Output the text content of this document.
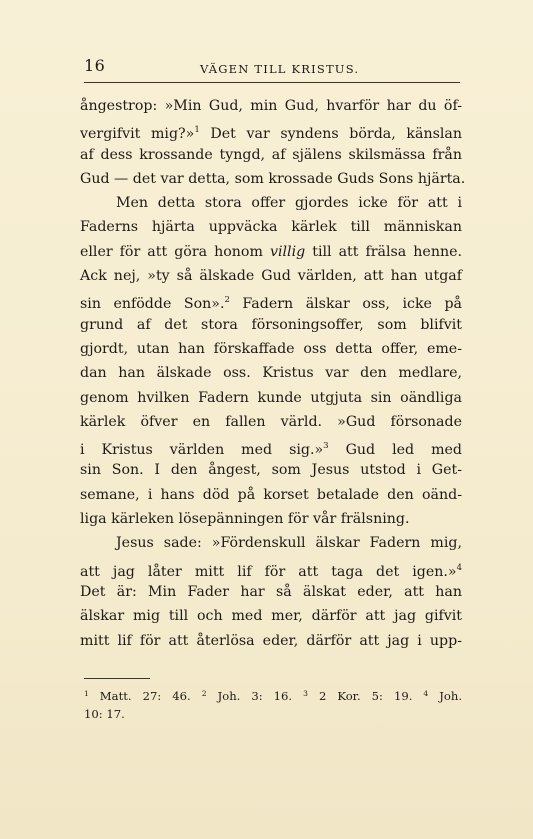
16	VÄGEN TILL KRISTUS.
ångestrop: »Min Gud, min Gud, hvarför har du öf-
vergifvit mig?»$^1$ Det var syndens börda, känslan
af dess krossande tyngd, af själens skilsmässa från
Gud — det var detta, som krossade Guds Sons hjärta.
Men detta stora offer gjordes icke för att i
Faderns hjärta uppväcka kärlek till människan
eller för att göra honom villig till att frälsa henne.
Ack nej, »ty så älskade Gud världen, att han utgaf
sin enfödde Son».$^2$ Fadern älskar oss, icke på
grund af det stora försoningsoffer, som blifvit
gjordt, utan han förskaffade oss detta offer, eme-
dan han älskade oss. Kristus var den medlare,
genom hvilken Fadern kunde utgjuta sin oändliga
kärlek öfver en fallen värld. »Gud försonade
i Kristus världen med sig.»$^3$ Gud led med
sin Son. I den ångest, som Jesus utstod i Get-
semane, i hans död på korset betalade den oänd-
liga kärleken lösepänningen för vår frälsning.
Jesus sade: »Fördenskull älskar Fadern mig,
att jag låter mitt lif för att taga det igen.»$^4$
Det är: Min Fader har så älskat eder, att han
älskar mig till och med mer, därför att jag gifvit
mitt lif för att återlösa eder, därför att jag i upp-
$^1$ Matt. 27: 46. $^2$ Joh. 3: 16. $^3$ 2 Kor. 5: 19. $^4$ Joh.
10: 17.
